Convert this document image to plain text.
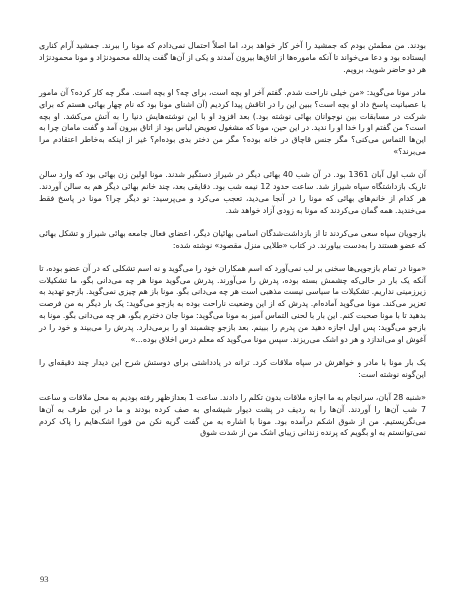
بودند. من مطمئن بودم که جمشید را آخر کار خواهد برد، اما اصلاً احتمال نمی‌دادم که مونا را ببرند. جمشید آرام کناری ایستاده بود و دعا می‌خواند تا آنکه ماموره‌ها از اتاق‌ها بیرون آمدند و یکی از آن‌ها گفت یدالله محمودنژاد و مونا محمودنژاد هر دو حاضر شوید، برویم.

مادر مونا می‌گوید: «من خیلی ناراحت شدم. گفتم آخر او بچه است، برای چه؟ او بچه است. مگر چه کار کرده؟ آن مامور با عصبانیت پاسخ داد او بچه است؟ ببین این را در اتاقش پیدا کردیم (آن اشنای مونا بود که نام چهار بهائی هستم که برای شرکت در مسابقات بین نوجوانان بهائی نوشته بود.) بعد افزود او با این نوشته‌هایش دنیا را به آتش می‌کشد. او بچه است؟ من گفتم او را خدا او را ندید. در این حین، مونا که مشغول تعویض لباس بود از اتاق بیرون آمد و گفت مامان چرا به این‌ها التماس می‌کنی؟ مگر جنس قاچاق در خانه بوده؟ مگر من دختر بدی بوده‌ام؟ غیر از اینکه به‌خاطر اعتقادم مرا می‌برند؟»

آن شب اول آبان 1361 بود. در آن شب 40 بهائی دیگر در شیراز دستگیر شدند. مونا اولین زن بهائی بود که وارد سالن تاریک بازداشتگاه سپاه شیراز شد. ساعت حدود 12 نیمه شب بود. دقایقی بعد، چند خانم بهائی دیگر هم به سالن آوردند. هر کدام از خانم‌های بهائی که مونا را در آنجا می‌دید، تعجب می‌کرد و می‌پرسید: تو دیگر چرا؟ مونا در پاسخ فقط می‌خندید. همه گمان می‌کردند که مونا به زودی آزاد خواهد شد.

بازجویان سپاه سعی می‌کردند تا از بازداشت‌شدگان اسامی بهائیان دیگر، اعضای فعال جامعه بهائی شیراز و تشکل بهائی که عضو هستند را به‌دست بیاورند. در کتاب «طلایی منزل مقصود» نوشته شده:

«مونا در تمام بازجویی‌ها سخنی بر لب نمی‌آورد که اسم همکاران خود را می‌گوید و نه اسم تشکلی که در آن عضو بوده، تا آنکه یک بار در حالی‌که چشمش بسته بوده، پدرش را می‌آورند. پدرش می‌گوید مونا هر چه می‌دانی بگو، ما تشکیلات زیرزمینی نداریم. تشکیلات ما سیاسی نیست مذهبی است هر چه می‌دانی بگو. مونا باز هم چیزی نمی‌گوید. بازجو تهدید به تعزیر می‌کند. مونا می‌گوید آماده‌ام. پدرش که از این وضعیت ناراحت بوده به بازجو می‌گوید: یک بار دیگر به من فرصت بدهید تا با مونا صحبت کنم. این بار با لحنی التماس آمیز به مونا می‌گوید: مونا جان دخترم بگو، هر چه می‌دانی بگو. مونا به بازجو می‌گوید: پس اول اجازه دهید من پدرم را ببینم. بعد بازجو چشمبند او را برمی‌دارد. پدرش را می‌بیند و خود را در آغوش او می‌اندازد و هر دو اشک می‌ریزند. سپس مونا می‌گوید که معلم درس اخلاق بوده...»

یک بار مونا با مادر و خواهرش در سپاه ملاقات کرد. ترانه در یادداشتی برای دوستش شرح این دیدار چند دقیقه‌ای را این‌گونه نوشته است:

«شنبه 28 آبان، سرانجام به ما اجازه ملاقات بدون تکلم را دادند. ساعت 1 بعدازظهر رفته بودیم به محل ملاقات و ساعت 7 شب آن‌ها را آوردند. آن‌ها را به ردیف در پشت دیوار شیشه‌ای به صف کرده بودند و ما در این طرف به آن‌ها می‌نگریستیم. من از شوق اشکم درآمده بود. مونا با اشاره به من گفت گریه نکن من فورا اشک‌هایم را پاک کردم نمی‌توانستم به او بگویم که پرنده زندانی زیبای اشک من از شدت شوق

93
